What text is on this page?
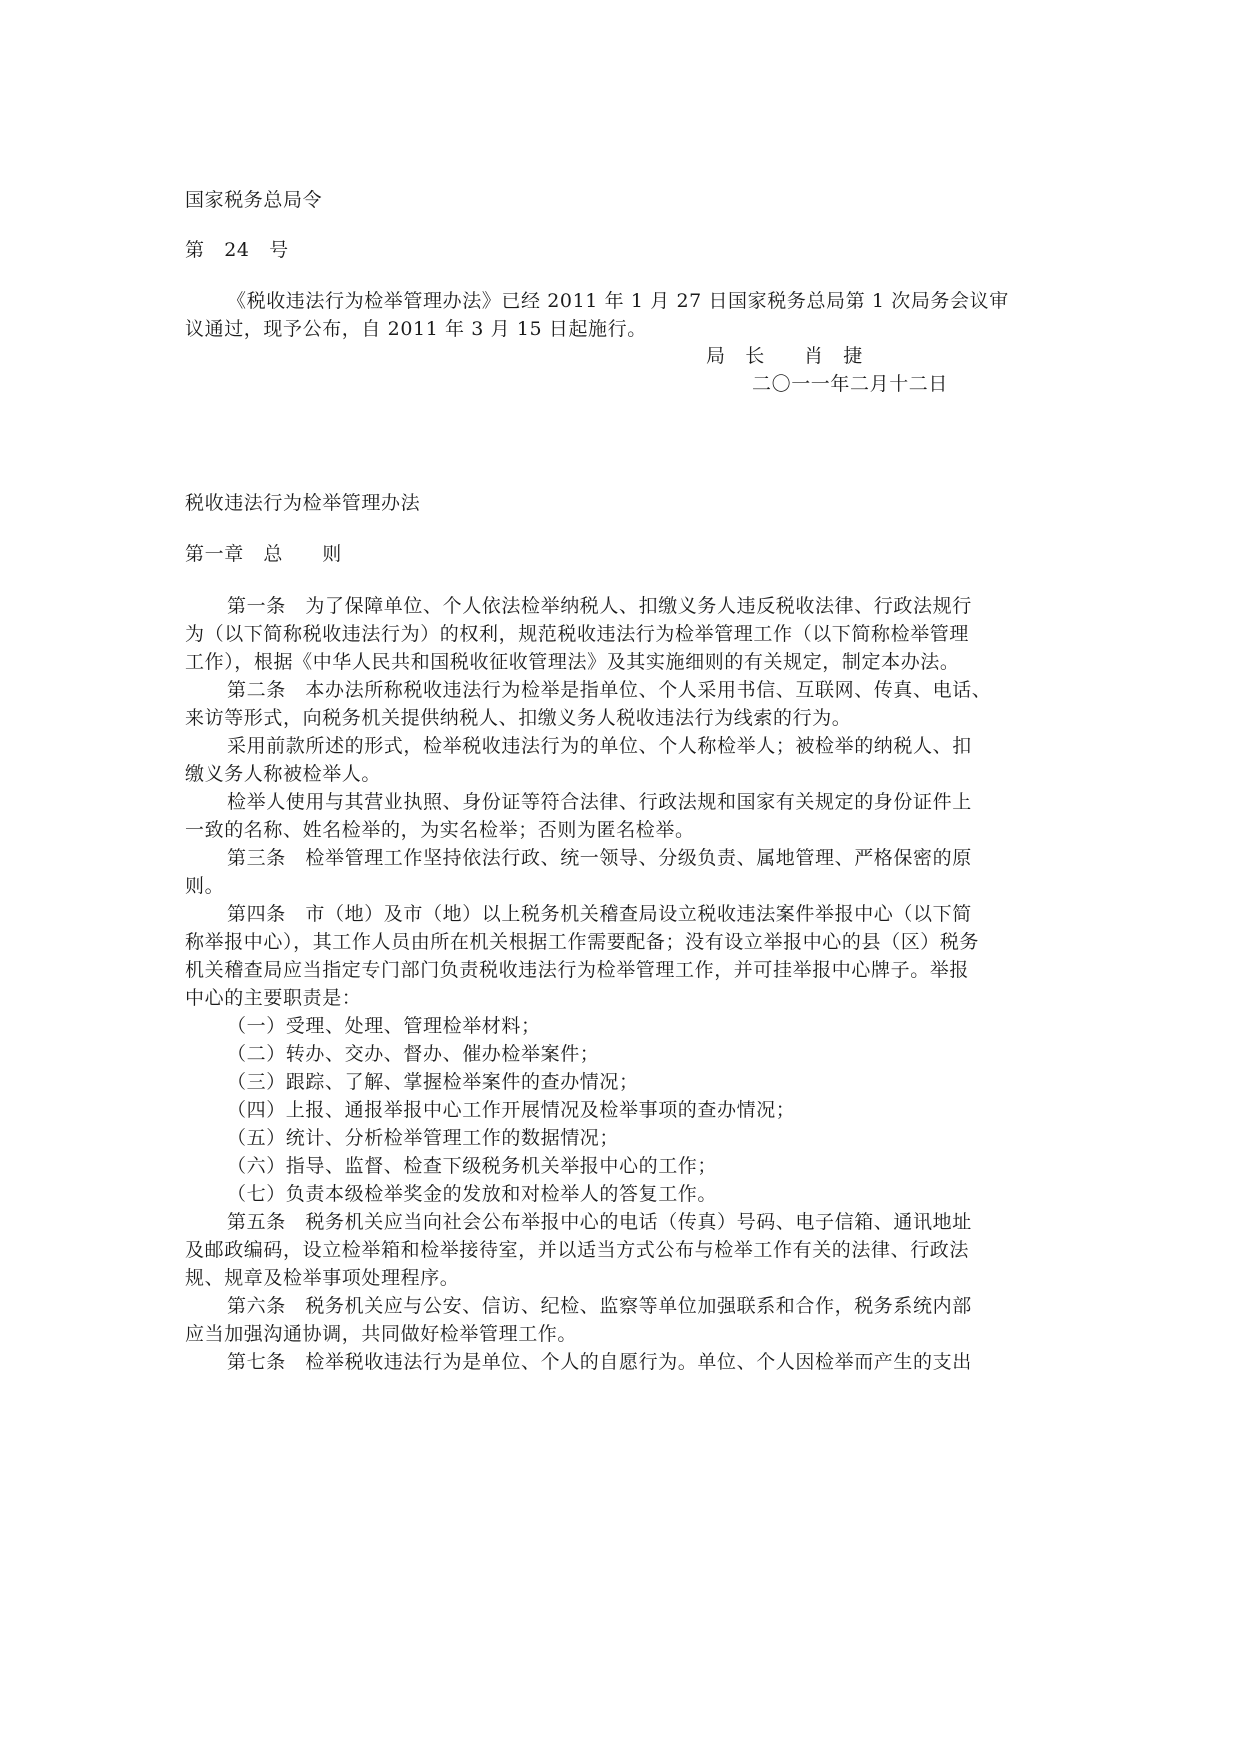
国家税务总局令
第　24　号
《税收违法行为检举管理办法》已经 2011 年 1 月 27 日国家税务总局第 1 次局务会议审
议通过，现予公布，自 2011 年 3 月 15 日起施行。
局　长　　肖　捷
二〇一一年二月十二日
税收违法行为检举管理办法
第一章　总　　则
第一条　为了保障单位、个人依法检举纳税人、扣缴义务人违反税收法律、行政法规行
为（以下简称税收违法行为）的权利，规范税收违法行为检举管理工作（以下简称检举管理
工作），根据《中华人民共和国税收征收管理法》及其实施细则的有关规定，制定本办法。
第二条　本办法所称税收违法行为检举是指单位、个人采用书信、互联网、传真、电话、
来访等形式，向税务机关提供纳税人、扣缴义务人税收违法行为线索的行为。
采用前款所述的形式，检举税收违法行为的单位、个人称检举人；被检举的纳税人、扣
缴义务人称被检举人。
检举人使用与其营业执照、身份证等符合法律、行政法规和国家有关规定的身份证件上
一致的名称、姓名检举的，为实名检举；否则为匿名检举。
第三条　检举管理工作坚持依法行政、统一领导、分级负责、属地管理、严格保密的原
则。
第四条　市（地）及市（地）以上税务机关稽查局设立税收违法案件举报中心（以下简
称举报中心），其工作人员由所在机关根据工作需要配备；没有设立举报中心的县（区）税务
机关稽查局应当指定专门部门负责税收违法行为检举管理工作，并可挂举报中心牌子。举报
中心的主要职责是：
（一）受理、处理、管理检举材料；
（二）转办、交办、督办、催办检举案件；
（三）跟踪、了解、掌握检举案件的查办情况；
（四）上报、通报举报中心工作开展情况及检举事项的查办情况；
（五）统计、分析检举管理工作的数据情况；
（六）指导、监督、检查下级税务机关举报中心的工作；
（七）负责本级检举奖金的发放和对检举人的答复工作。
第五条　税务机关应当向社会公布举报中心的电话（传真）号码、电子信箱、通讯地址
及邮政编码，设立检举箱和检举接待室，并以适当方式公布与检举工作有关的法律、行政法
规、规章及检举事项处理程序。
第六条　税务机关应与公安、信访、纪检、监察等单位加强联系和合作，税务系统内部
应当加强沟通协调，共同做好检举管理工作。
第七条　检举税收违法行为是单位、个人的自愿行为。单位、个人因检举而产生的支出
